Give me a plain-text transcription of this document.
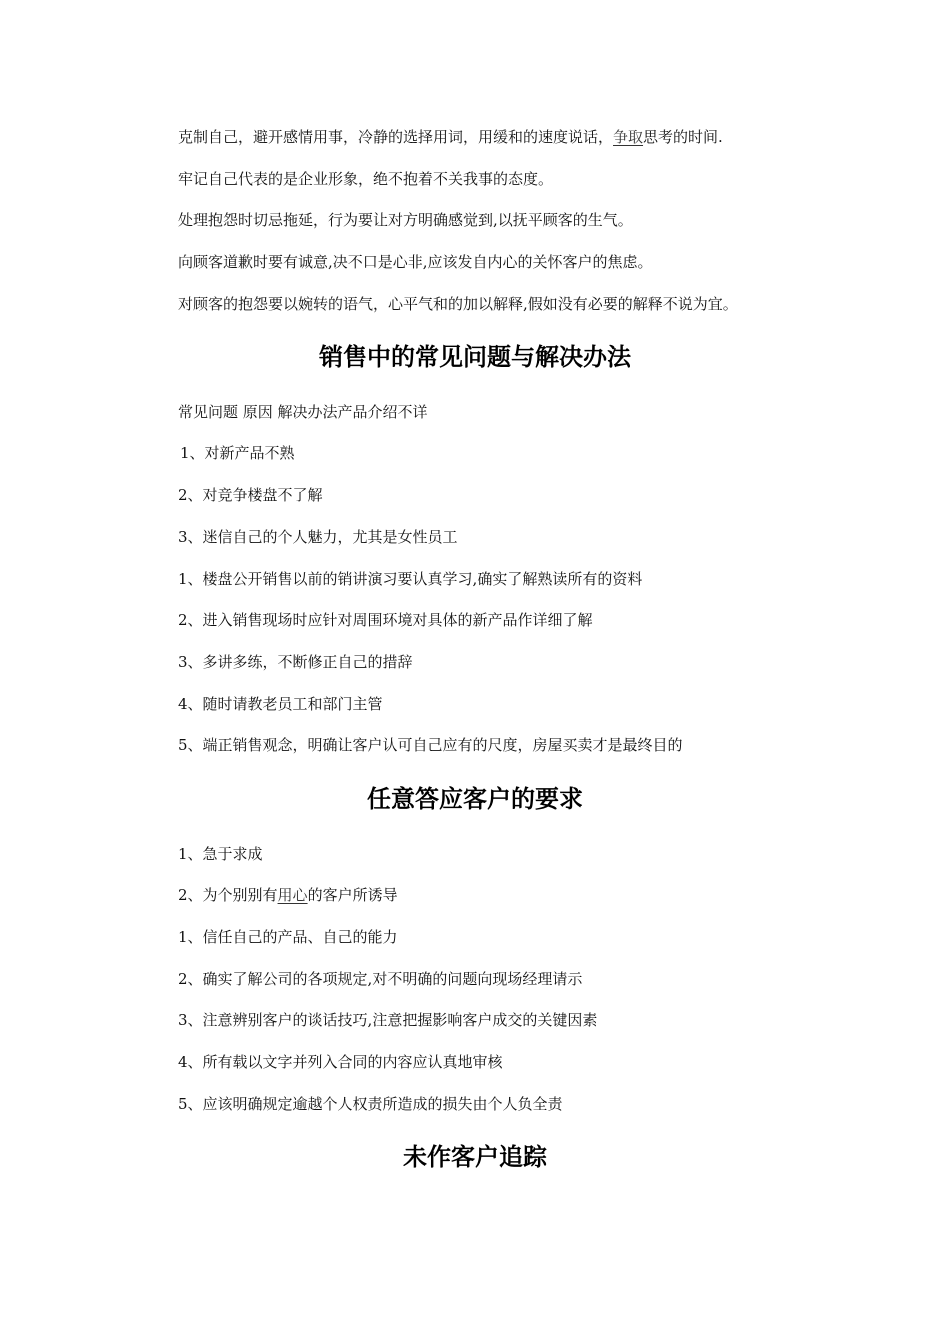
克制自己，避开感情用事，冷静的选择用词，用缓和的速度说话，争取思考的时间.
牢记自己代表的是企业形象，绝不抱着不关我事的态度。
处理抱怨时切忌拖延，行为要让对方明确感觉到,以抚平顾客的生气。
向顾客道歉时要有诚意,决不口是心非,应该发自内心的关怀客户的焦虑。
对顾客的抱怨要以婉转的语气，心平气和的加以解释,假如没有必要的解释不说为宜。
销售中的常见问题与解决办法
常见问题 原因 解决办法产品介绍不详
1、对新产品不熟
2、对竞争楼盘不了解
3、迷信自己的个人魅力，尤其是女性员工
1、楼盘公开销售以前的销讲演习要认真学习,确实了解熟读所有的资料
2、进入销售现场时应针对周围环境对具体的新产品作详细了解
3、多讲多练，不断修正自己的措辞
4、随时请教老员工和部门主管
5、端正销售观念，明确让客户认可自己应有的尺度，房屋买卖才是最终目的
任意答应客户的要求
1、急于求成
2、为个别别有用心的客户所诱导
1、信任自己的产品、自己的能力
2、确实了解公司的各项规定,对不明确的问题向现场经理请示
3、注意辨别客户的谈话技巧,注意把握影响客户成交的关键因素
4、所有载以文字并列入合同的内容应认真地审核
5、应该明确规定逾越个人权责所造成的损失由个人负全责
未作客户追踪
